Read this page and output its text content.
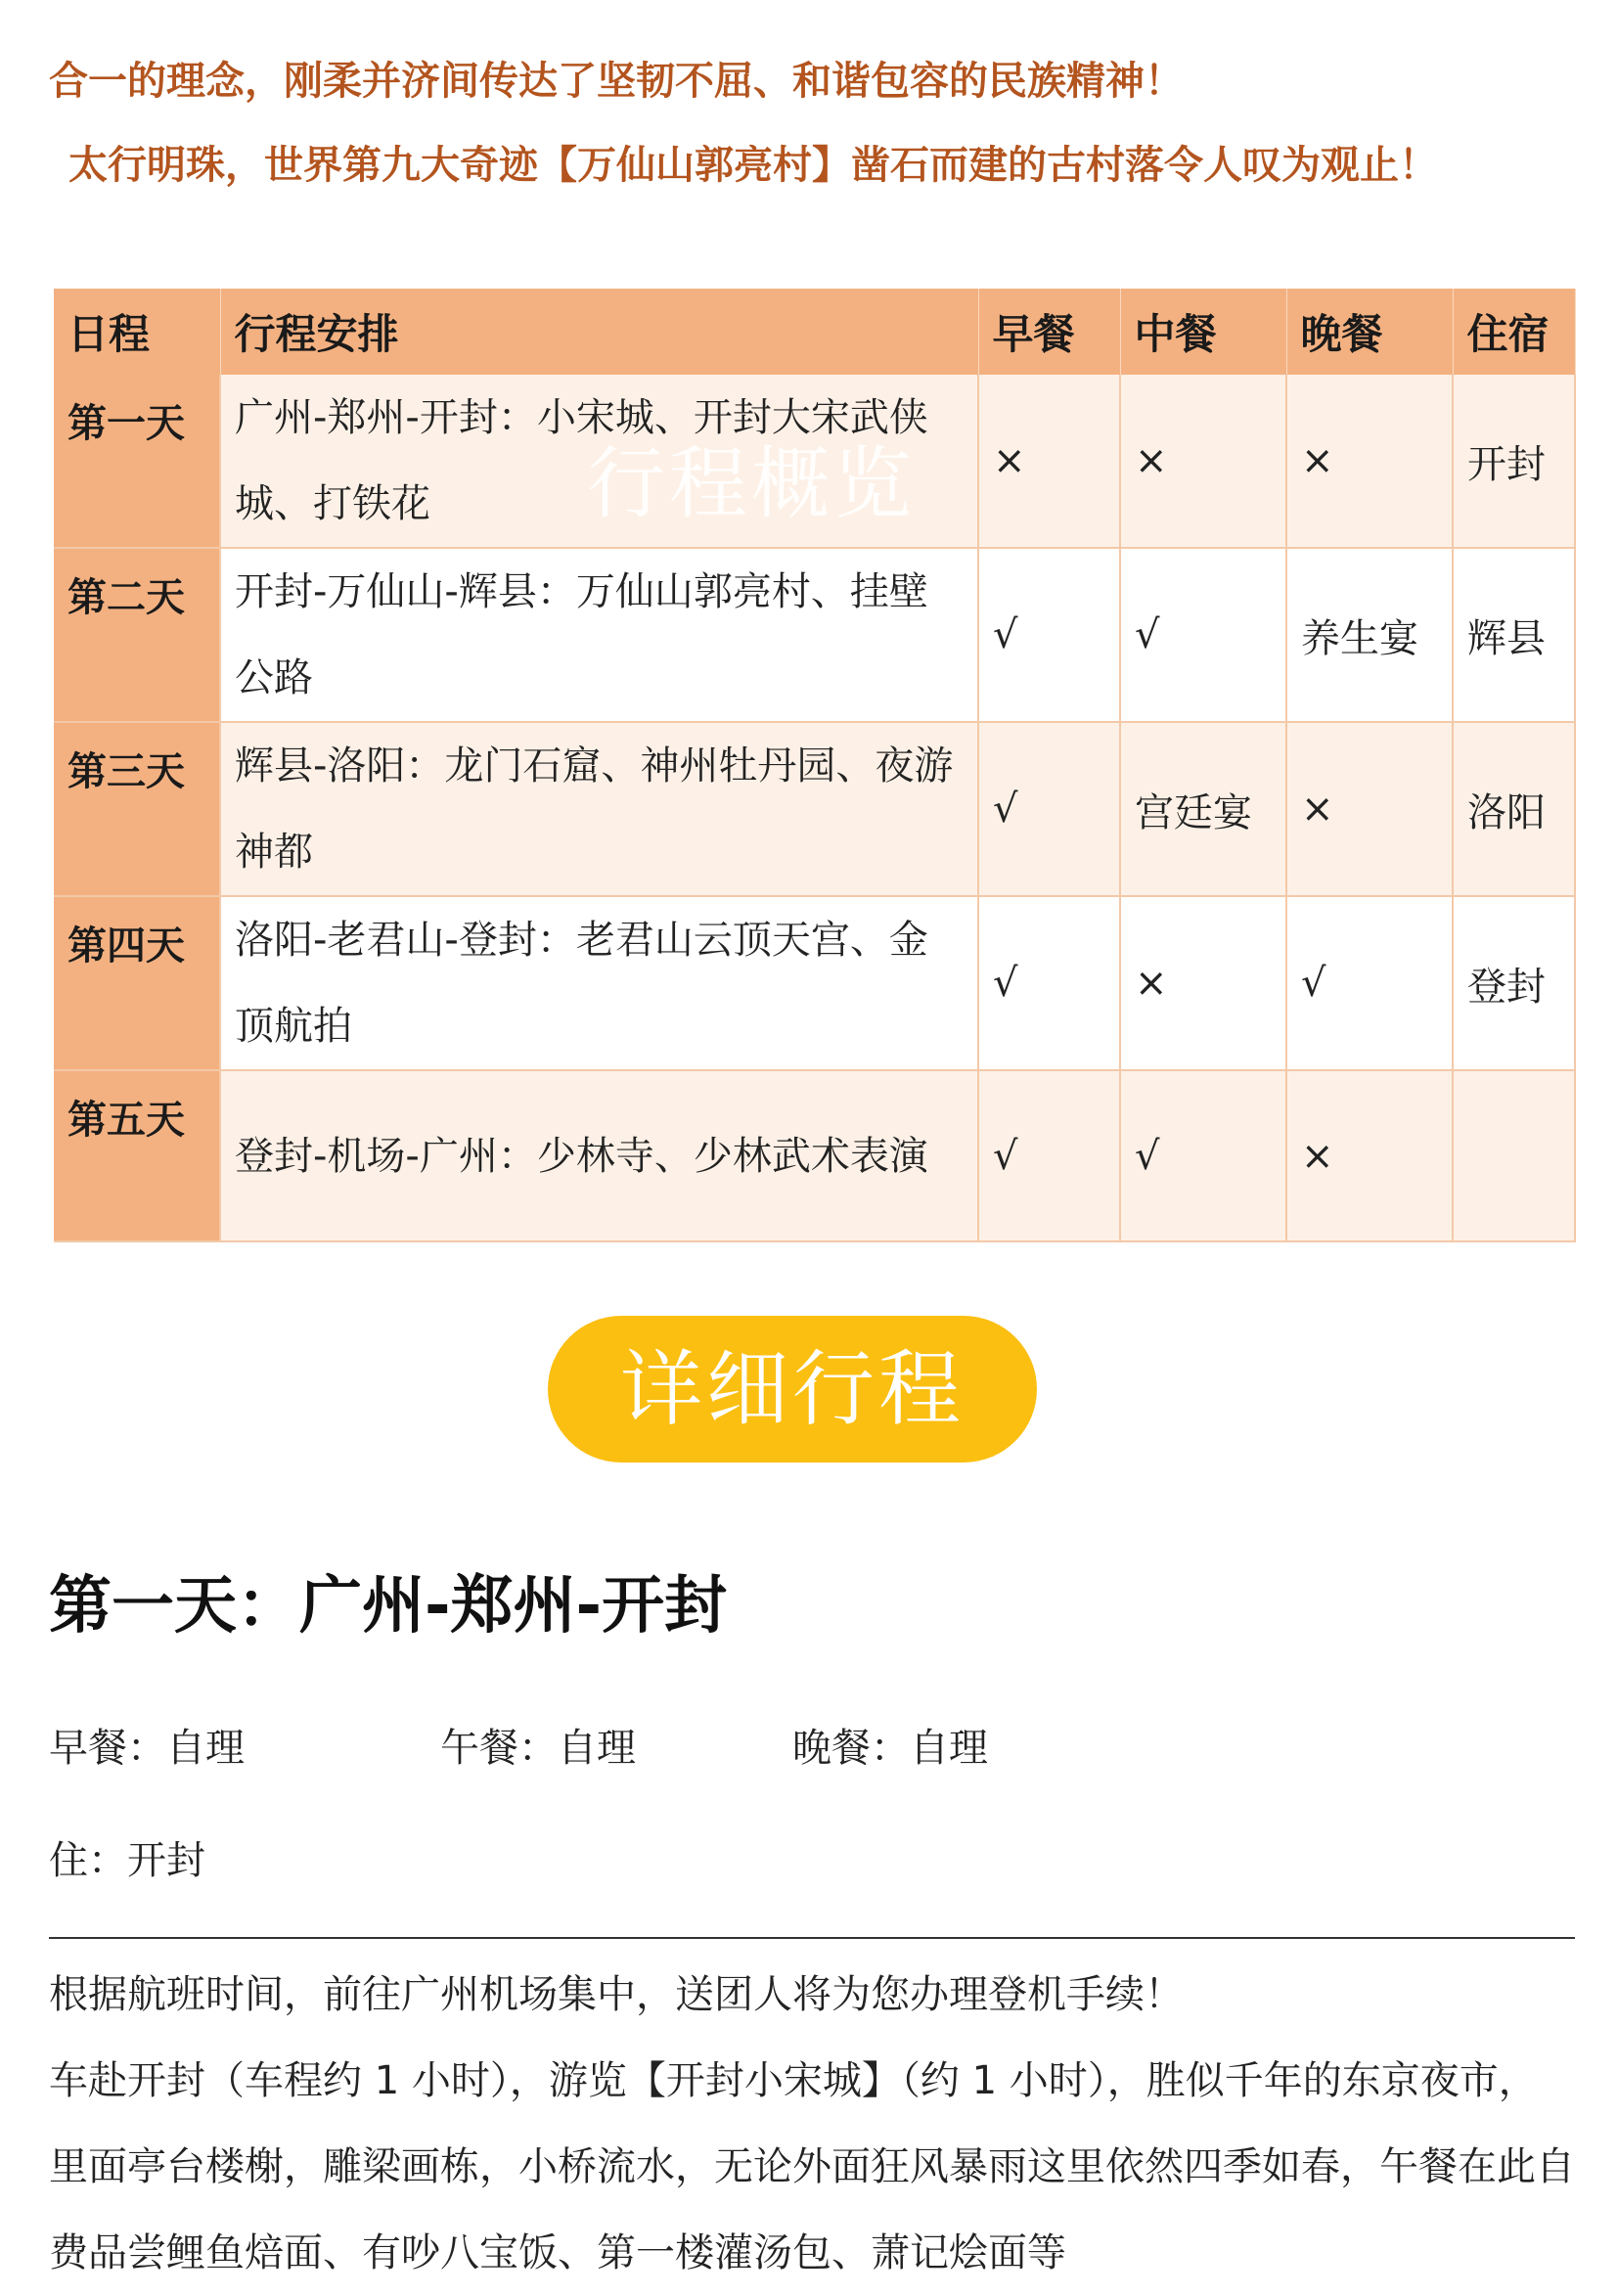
合一的理念，刚柔并济间传达了坚韧不屈、和谐包容的民族精神！
太行明珠，世界第九大奇迹【万仙山郭亮村】凿石而建的古村落令人叹为观止！
日程	行程安排	早餐	中餐	晚餐	住宿
第一天	广州-郑州-开封：小宋城、开封大宋武侠城、打铁花	×	×	×	开封
第二天	开封-万仙山-辉县：万仙山郭亮村、挂壁公路	√	√	养生宴	辉县
第三天	辉县-洛阳：龙门石窟、神州牡丹园、夜游神都	√	宫廷宴	×	洛阳
第四天	洛阳-老君山-登封：老君山云顶天宫、金顶航拍	√	×	√	登封
第五天	登封-机场-广州：少林寺、少林武术表演	√	√	×	
行程概览
详细行程
第一天：广州-郑州-开封
早餐：自理	午餐：自理	晚餐：自理
住：开封

根据航班时间，前往广州机场集中，送团人将为您办理登机手续！

车赴开封（车程约 1 小时），游览【开封小宋城】（约 1 小时），胜似千年的东京夜市，里面亭台楼榭，雕梁画栋，小桥流水，无论外面狂风暴雨这里依然四季如春，午餐在此自费品尝鲤鱼焙面、有吵八宝饭、第一楼灌汤包、萧记烩面等
